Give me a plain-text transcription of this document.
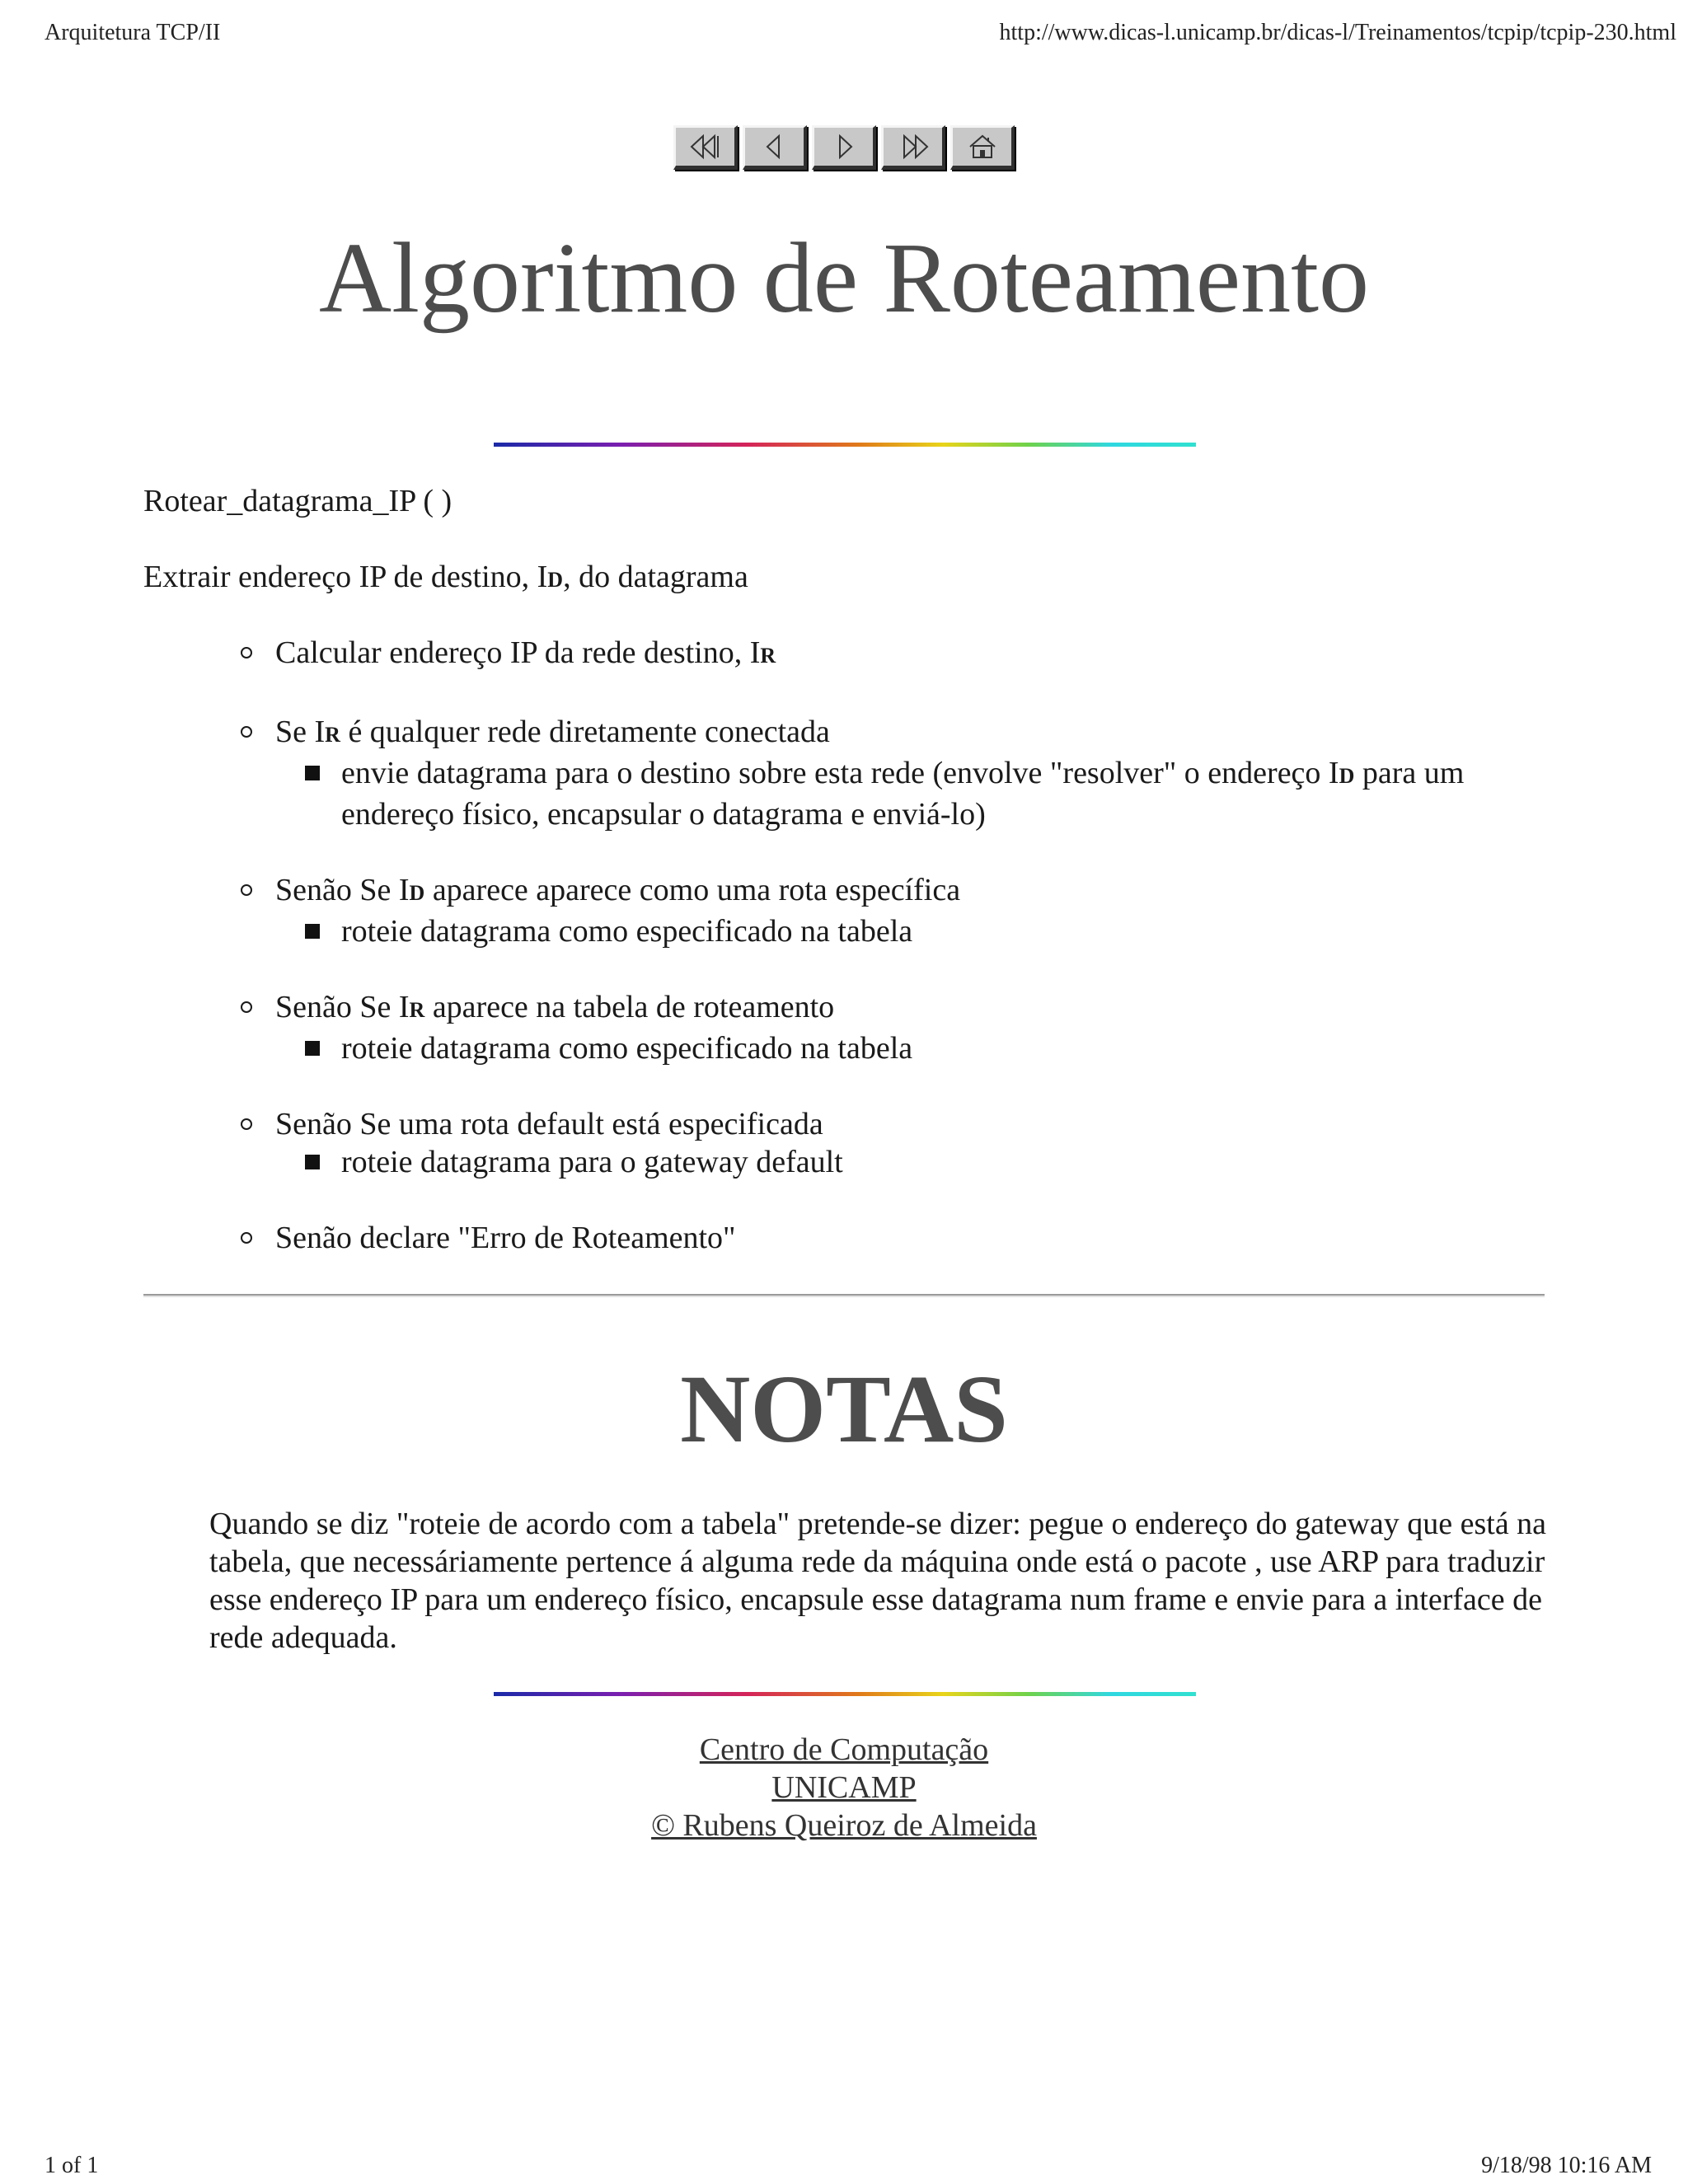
Arquitetura TCP/II	http://www.dicas-l.unicamp.br/dicas-l/Treinamentos/tcpip/tcpip-230.html
Algoritmo de Roteamento

Rotear_datagrama_IP ( )

Extrair endereço IP de destino, ID, do datagrama

Calcular endereço IP da rede destino, IR
Se IR é qualquer rede diretamente conectada
envie datagrama para o destino sobre esta rede (envolve "resolver" o endereço ID para um endereço físico, encapsular o datagrama e enviá-lo)
Senão Se ID aparece aparece como uma rota específica
roteie datagrama como especificado na tabela
Senão Se IR aparece na tabela de roteamento
roteie datagrama como especificado na tabela
Senão Se uma rota default está especificada
roteie datagrama para o gateway default
Senão declare "Erro de Roteamento"
NOTAS

Quando se diz "roteie de acordo com a tabela" pretende-se dizer: pegue o endereço do gateway que está na tabela, que necessáriamente pertence á alguma rede da máquina onde está o pacote , use ARP para traduzir esse endereço IP para um endereço físico, encapsule esse datagrama num frame e envie para a interface de rede adequada.

Centro de Computação
UNICAMP
© Rubens Queiroz de Almeida
1 of 1	9/18/98 10:16 AM
